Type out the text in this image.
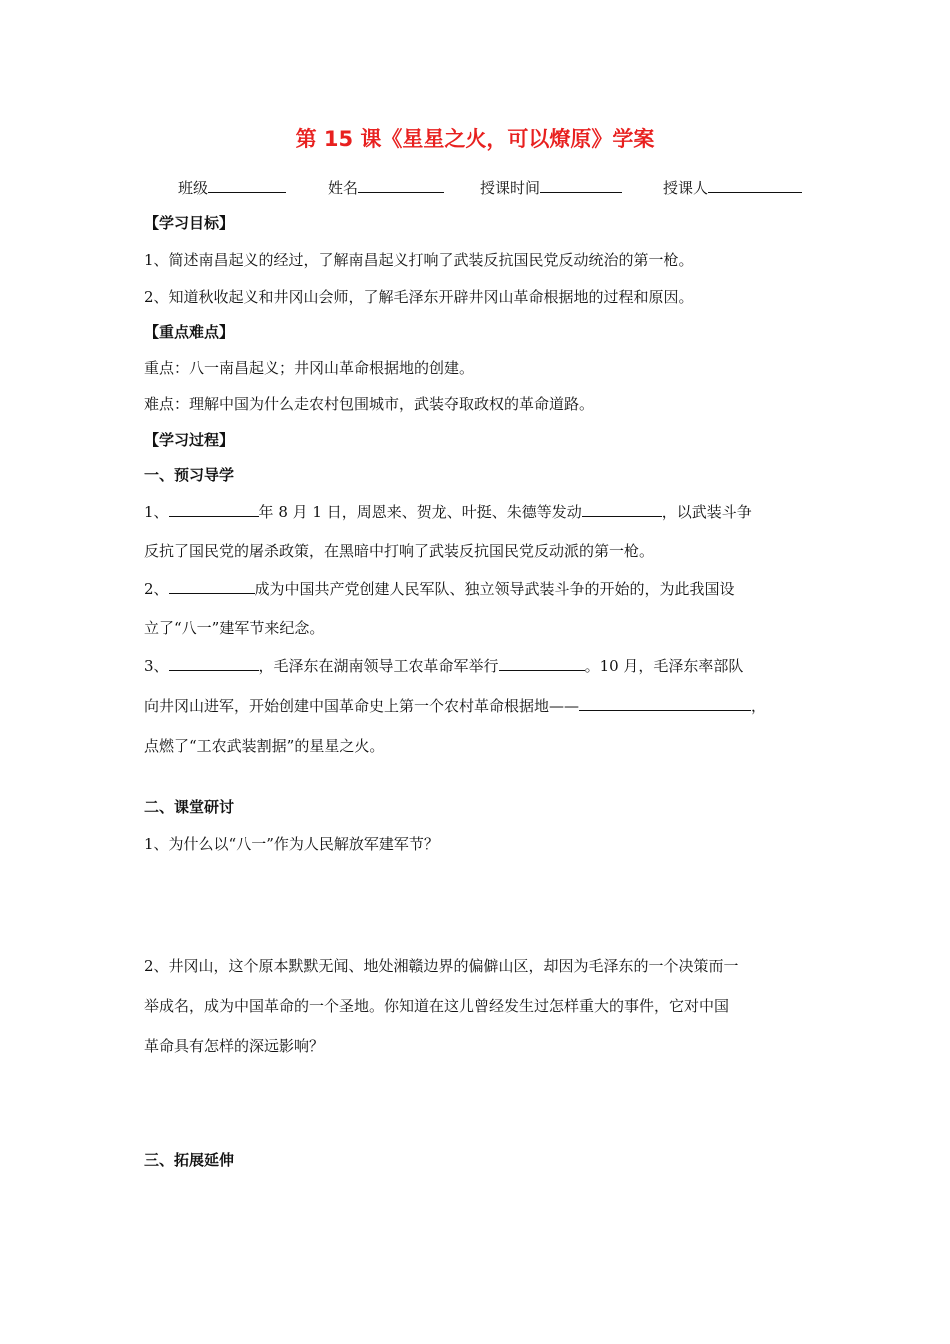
第 15 课《星星之火，可以燎原》学案
班级	姓名	授课时间	授课人
【学习目标】
1、简述南昌起义的经过，了解南昌起义打响了武装反抗国民党反动统治的第一枪。
2、知道秋收起义和井冈山会师，了解毛泽东开辟井冈山革命根据地的过程和原因。
【重点难点】
重点：八一南昌起义；井冈山革命根据地的创建。
难点：理解中国为什么走农村包围城市，武装夺取政权的革命道路。
【学习过程】
一、预习导学
1、	年 8 月 1 日，周恩来、贺龙、叶挺、朱德等发动	，以武装斗争
反抗了国民党的屠杀政策，在黑暗中打响了武装反抗国民党反动派的第一枪。
2、	成为中国共产党创建人民军队、独立领导武装斗争的开始的，为此我国设
立了“八一”建军节来纪念。
3、	，毛泽东在湖南领导工农革命军举行	。10 月，毛泽东率部队
向井冈山进军，开始创建中国革命史上第一个农村革命根据地——	，
点燃了“工农武装割据”的星星之火。
二、课堂研讨
1、为什么以“八一”作为人民解放军建军节？
2、井冈山，这个原本默默无闻、地处湘赣边界的偏僻山区，却因为毛泽东的一个决策而一
举成名，成为中国革命的一个圣地。你知道在这儿曾经发生过怎样重大的事件，它对中国
革命具有怎样的深远影响？
三、拓展延伸
